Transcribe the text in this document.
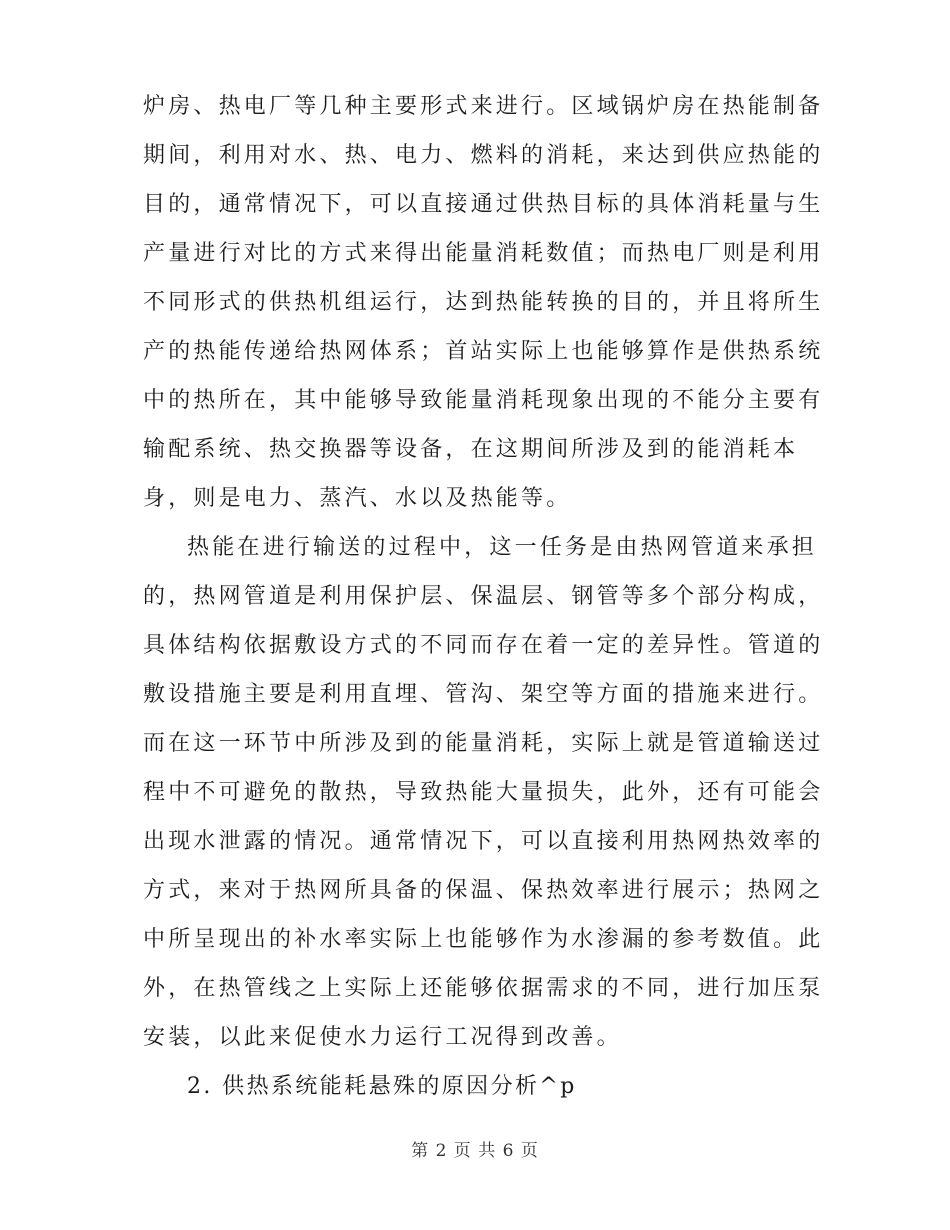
炉房、热电厂等几种主要形式来进行。区域锅炉房在热能制备
期间，利用对水、热、电力、燃料的消耗，来达到供应热能的
目的，通常情况下，可以直接通过供热目标的具体消耗量与生
产量进行对比的方式来得出能量消耗数值；而热电厂则是利用
不同形式的供热机组运行，达到热能转换的目的，并且将所生
产的热能传递给热网体系；首站实际上也能够算作是供热系统
中的热所在，其中能够导致能量消耗现象出现的不能分主要有
输配系统、热交换器等设备，在这期间所涉及到的能消耗本
身，则是电力、蒸汽、水以及热能等。
热能在进行输送的过程中，这一任务是由热网管道来承担
的，热网管道是利用保护层、保温层、钢管等多个部分构成，
具体结构依据敷设方式的不同而存在着一定的差异性。管道的
敷设措施主要是利用直埋、管沟、架空等方面的措施来进行。
而在这一环节中所涉及到的能量消耗，实际上就是管道输送过
程中不可避免的散热，导致热能大量损失，此外，还有可能会
出现水泄露的情况。通常情况下，可以直接利用热网热效率的
方式，来对于热网所具备的保温、保热效率进行展示；热网之
中所呈现出的补水率实际上也能够作为水渗漏的参考数值。此
外，在热管线之上实际上还能够依据需求的不同，进行加压泵
安装，以此来促使水力运行工况得到改善。
2. 供热系统能耗悬殊的原因分析^p
第 2 页 共 6 页
